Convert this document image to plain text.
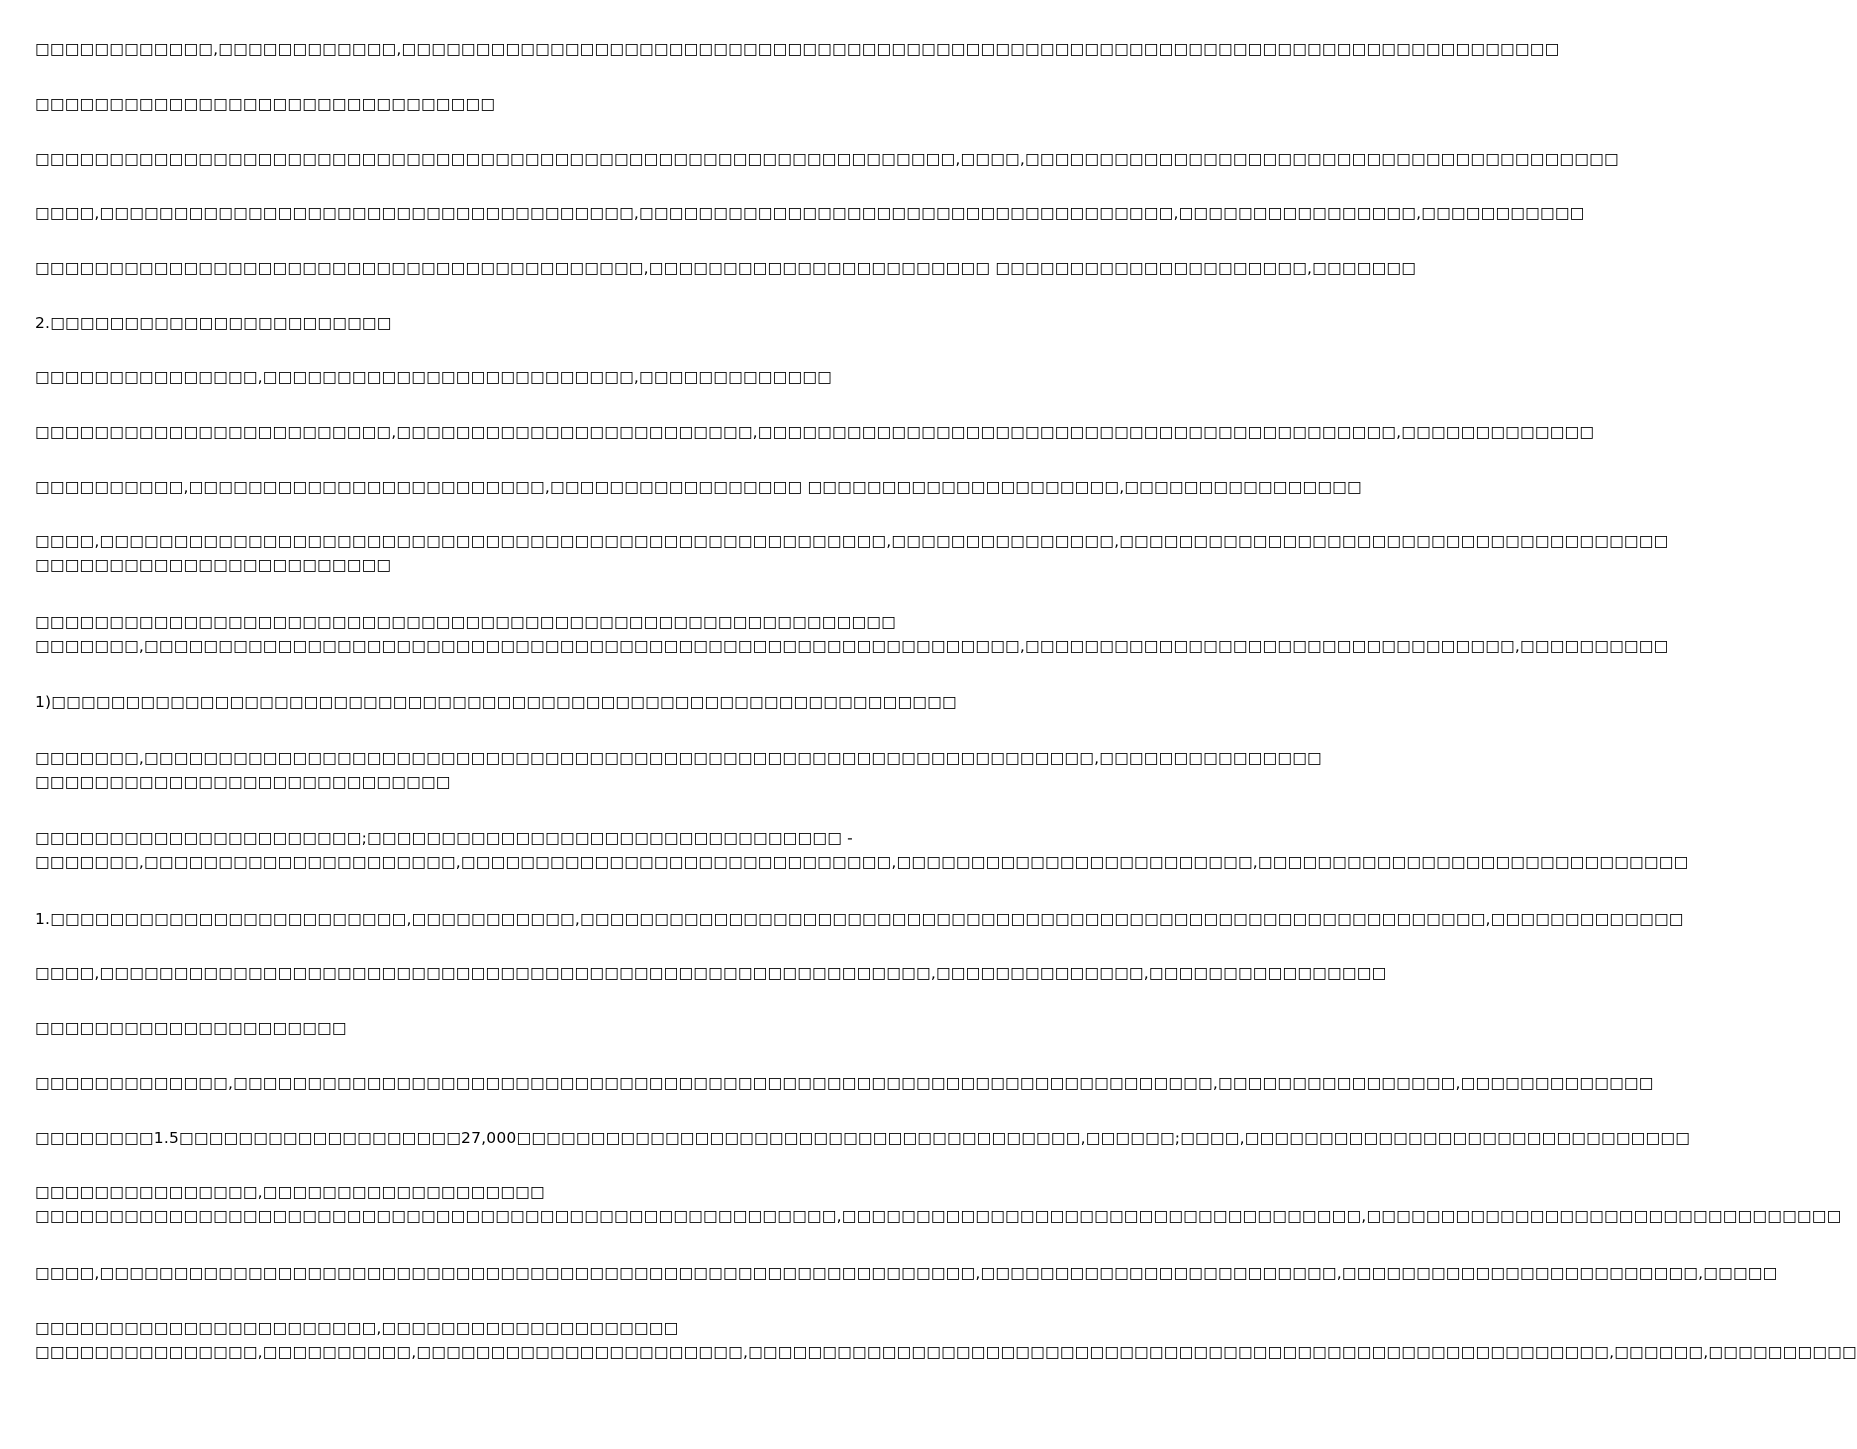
□□□□□□□□□□□□,□□□□□□□□□□□□,□□□□□□□□□□□□□□□□□□□□□□□□□□□□□□□□□□□□□□□□□□□□□□□□□□□□□□□□□□□□□□□□□□□□□□□□□□□□□□

□□□□□□□□□□□□□□□□□□□□□□□□□□□□□□□

□□□□□□□□□□□□□□□□□□□□□□□□□□□□□□□□□□□□□□□□□□□□□□□□□□□□□□□□□□□□□□,□□□□,□□□□□□□□□□□□□□□□□□□□□□□□□□□□□□□□□□□□□□□□

□□□□,□□□□□□□□□□□□□□□□□□□□□□□□□□□□□□□□□□□□,□□□□□□□□□□□□□□□□□□□□□□□□□□□□□□□□□□□□,□□□□□□□□□□□□□□□□,□□□□□□□□□□□

□□□□□□□□□□□□□□□□□□□□□□□□□□□□□□□□□□□□□□□□□,□□□□□□□□□□□□□□□□□□□□□□□ □□□□□□□□□□□□□□□□□□□□□,□□□□□□□

2.□□□□□□□□□□□□□□□□□□□□□□□

□□□□□□□□□□□□□□□,□□□□□□□□□□□□□□□□□□□□□□□□□,□□□□□□□□□□□□□

□□□□□□□□□□□□□□□□□□□□□□□□,□□□□□□□□□□□□□□□□□□□□□□□□,□□□□□□□□□□□□□□□□□□□□□□□□□□□□□□□□□□□□□□□□□□□,□□□□□□□□□□□□□

□□□□□□□□□□,□□□□□□□□□□□□□□□□□□□□□□□□,□□□□□□□□□□□□□□□□□ □□□□□□□□□□□□□□□□□□□□□,□□□□□□□□□□□□□□□□

□□□□,□□□□□□□□□□□□□□□□□□□□□□□□□□□□□□□□□□□□□□□□□□□□□□□□□□□□□,□□□□□□□□□□□□□□□,□□□□□□□□□□□□□□□□□□□□□□□□□□□□□□□□□□□□□
□□□□□□□□□□□□□□□□□□□□□□□□

□□□□□□□□□□□□□□□□□□□□□□□□□□□□□□□□□□□□□□□□□□□□□□□□□□□□□□□□□□
□□□□□□□,□□□□□□□□□□□□□□□□□□□□□□□□□□□□□□□□□□□□□□□□□□□□□□□□□□□□□□□□□□□,□□□□□□□□□□□□□□□□□□□□□□□□□□□□□□□□□,□□□□□□□□□□

1)□□□□□□□□□□□□□□□□□□□□□□□□□□□□□□□□□□□□□□□□□□□□□□□□□□□□□□□□□□□□□

□□□□□□□,□□□□□□□□□□□□□□□□□□□□□□□□□□□□□□□□□□□□□□□□□□□□□□□□□□□□□□□□□□□□□□□□,□□□□□□□□□□□□□□□
□□□□□□□□□□□□□□□□□□□□□□□□□□□□

□□□□□□□□□□□□□□□□□□□□□□;□□□□□□□□□□□□□□□□□□□□□□□□□□□□□□□□ -
□□□□□□□,□□□□□□□□□□□□□□□□□□□□□,□□□□□□□□□□□□□□□□□□□□□□□□□□□□□,□□□□□□□□□□□□□□□□□□□□□□□□,□□□□□□□□□□□□□□□□□□□□□□□□□□□□□

1.□□□□□□□□□□□□□□□□□□□□□□□□,□□□□□□□□□□□,□□□□□□□□□□□□□□□□□□□□□□□□□□□□□□□□□□□□□□□□□□□□□□□□□□□□□□□□□□□□□,□□□□□□□□□□□□□

□□□□,□□□□□□□□□□□□□□□□□□□□□□□□□□□□□□□□□□□□□□□□□□□□□□□□□□□□□□□□,□□□□□□□□□□□□□□,□□□□□□□□□□□□□□□□

□□□□□□□□□□□□□□□□□□□□□

□□□□□□□□□□□□□,□□□□□□□□□□□□□□□□□□□□□□□□□□□□□□□□□□□□□□□□□□□□□□□□□□□□□□□□□□□□□□□□□□,□□□□□□□□□□□□□□□□,□□□□□□□□□□□□□

□□□□□□□□1.5□□□□□□□□□□□□□□□□□□□27,000□□□□□□□□□□□□□□□□□□□□□□□□□□□□□□□□□□□□□□,□□□□□□;□□□□,□□□□□□□□□□□□□□□□□□□□□□□□□□□□□□

□□□□□□□□□□□□□□□,□□□□□□□□□□□□□□□□□□□
□□□□□□□□□□□□□□□□□□□□□□□□□□□□□□□□□□□□□□□□□□□□□□□□□□□□□□,□□□□□□□□□□□□□□□□□□□□□□□□□□□□□□□□□□□,□□□□□□□□□□□□□□□□□□□□□□□□□□□□□□□□

□□□□,□□□□□□□□□□□□□□□□□□□□□□□□□□□□□□□□□□□□□□□□□□□□□□□□□□□□□□□□□□□,□□□□□□□□□□□□□□□□□□□□□□□□,□□□□□□□□□□□□□□□□□□□□□□□□,□□□□□

□□□□□□□□□□□□□□□□□□□□□□□,□□□□□□□□□□□□□□□□□□□□
□□□□□□□□□□□□□□□,□□□□□□□□□□,□□□□□□□□□□□□□□□□□□□□□□,□□□□□□□□□□□□□□□□□□□□□□□□□□□□□□□□□□□□□□□□□□□□□□□□□□□□□□□□□□,□□□□□□,□□□□□□□□□□
